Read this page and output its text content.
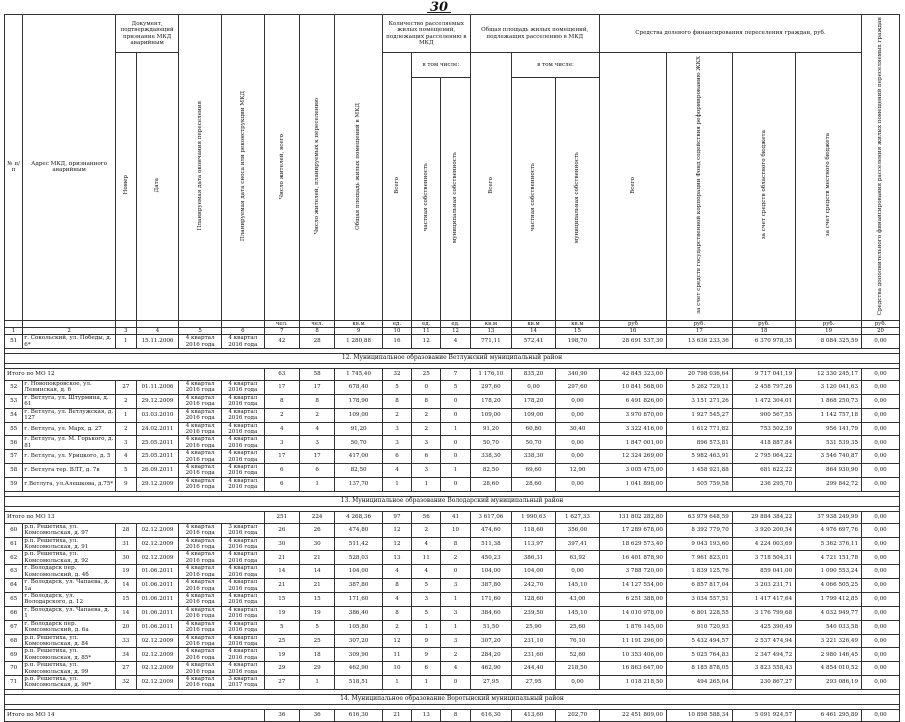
30
№ п/п	Адрес МКД, признанного аварийным	Документ, подтверждающий признание МКД аварийным		Планируемая дата окончания переселения	Планируемая дата сноса или реконструкции МКД	Число жителей, всего	Число жителей, планируемых к переселению	Общая площадь жилых помещений в МКД	Количество расселяемых жилых помещений, подлежащих расселению в МКД			Общая площадь жилых помещений, подлежащих расселению в МКД			Средства долевого финансирования переселения граждан, руб.				Средства дополнительного финансирования расселения жилых помещений переселяемых граждан
		Номер	Дата						Всего	в том числе:		Всего	в том числе:		Всего	за счет средств государственной корпорации Фонд содействия реформированию ЖКХ	за счет средств областного бюджета	за счет средств местного бюджета	
										частная собственность	муниципальная собственность		частная собственность	муниципальная собственность					
						чел.	чел.	кв.м	ед.	ед.	ед.	кв.м	кв.м	кв.м	руб	руб.	руб.	руб.	руб.
1	2	3	4	5	6	7	8	9	10	11	12	13	14	15	16	17	18	19	20
51	г. Сокольский, ул. Победы, д. 6*	1	15.11.2006	4 квартал 2016 года	4 квартал 2016 года	42	28	1 280,88	16	12	4	771,11	572,41	198,70	28 691 537,30	13 636 233,36	6 370 978,35	8 084 325,59	0,00

12. Муниципальное образование Ветлужский муниципальный район																			

Итого по МО 12						63	58	1 745,40	32	25	7	1 176,10	835,20	340,90	42 845 323,00	20 798 036,64	9 717 041,19	12 330 245,17	0,00
52	г. Новопокровское, ул. Ленинская, д. 6	27	01.11.2006	4 квартал 2016 года	4 квартал 2016 года	17	17	678,40	5	0	5	297,60	0,00	297,60	10 841 568,00	5 262 729,11	2 458 797,26	3 120 041,63	0,00
53	г. Ветлуга, ул. Штурмина, д. 61	2	29.12.2009	4 квартал 2016 года	4 квартал 2016 года	8	8	178,90	8	8	0	178,20	178,20	0,00	6 491 826,00	3 151 271,26	1 472 304,01	1 868 250,73	0,00
54	г. Ветлуга, ул. Ветлужская, д. 127	1	03.03.2010	4 квартал 2016 года	4 квартал 2016 года	2	2	109,00	2	2	0	109,00	109,00	0,00	3 970 870,00	1 927 545,27	900 567,55	1 142 757,18	0,00
55	г. Ветлуга, ул. Марх, д. 27	2	24.02.2011	4 квартал 2016 года	4 квартал 2016 года	4	4	91,20	3	2	1	91,20	60,80	30,40	3 322 416,00	1 612 771,82	753 502,39	956 141,79	0,00
56	г. Ветлуга, ул. М. Горького, д. 81	3	25.05.2011	4 квартал 2016 года	4 квартал 2016 года	3	3	50,70	3	3	0	50,70	50,70	0,00	1 847 001,00	896 573,81	418 887,84	531 539,35	0,00
57	г. Ветлуга, ул. Урицкого, д. 5	4	25.05.2011	4 квартал 2016 года	4 квартал 2016 года	17	17	417,00	6	6	0	338,30	338,30	0,00	12 324 269,00	5 982 463,91	2 795 064,22	3 546 740,87	0,00
58	г. Ветлуга тер. ВЛТ, д. 7в	5	26.09.2011	4 квартал 2016 года	4 квартал 2016 года	6	6	82,50	4	3	1	82,50	69,60	12,90	3 005 475,00	1 458 921,88	681 622,22	864 930,90	0,00
59	г.Ветлуга, ул.Алешкова, д.75*	9	29.12.2009	4 квартал 2016 года	4 квартал 2016 года	6	1	137,70	1	1	0	28,60	28,60	0,00	1 041 898,00	505 759,58	236 295,70	299 842,72	0,00

13. Муниципальное образование Володарский муниципальный район																			

Итого по МО 13						251	224	4 268,36	97	56	41	3 617,06	1 990,63	1 627,33	131 802 282,80	63 979 648,59	29 884 384,22	37 938 249,99	0,00
60	р.п. Решетиха, ул. Комсомольская, д. 97	28	02.12.2009	4 квартал 2016 года	3 квартал 2016 года	26	26	474,80	12	2	10	474,60	118,60	356,00	17 289 678,00	8 392 779,70	3 920 200,54	4 976 697,76	0,00
61	р.п. Решетиха, ул. Комсомольская, д. 91	31	02.12.2009	4 квартал 2016 года	4 квартал 2016 года	30	30	511,42	12	4	8	511,38	113,97	397,41	18 629 573,40	9 043 193,60	4 224 003,69	5 362 376,11	0,00
62	р.п. Решетиха, ул. Комсомольская, д. 92	30	02.12.2009	4 квартал 2016 года	4 квартал 2016 года	21	21	528,03	13	11	2	450,23	386,31	63,92	16 401 878,90	7 961 823,01	3 718 504,31	4 721 151,78	0,00
63	г. Володарск пер. Комсомольский, д. 4б	19	01.06.2011	4 квартал 2016 года	4 квартал 2016 года	14	14	104,00	4	4	0	104,00	104,00	0,00	3 788 720,00	1 839 125,76	859 041,00	1 090 553,24	0,00
64	г. Володарск, ул. Чапаева, д. 1а	14	01.06.2011	4 квартал 2016 года	4 квартал 2016 года	21	21	387,80	8	5	3	387,80	242,70	145,10	14 127 554,00	6 857 817,04	3 203 231,71	4 066 505,25	0,00
65	г. Володарск, ул. Володарского, д. 12	15	01.06.2011	4 квартал 2016 года	4 квартал 2016 года	15	15	171,60	4	3	1	171,60	128,60	43,00	6 251 388,00	3 034 557,51	1 417 417,64	1 799 412,85	0,00
66	г. Володарск, ул. Чапаева, д. 1	14	01.06.2011	4 квартал 2016 года	4 квартал 2016 года	19	19	386,40	8	5	3	384,60	239,50	145,10	14 010 978,00	6 801 228,55	3 176 799,68	4 032 949,77	0,00
67	г. Володарск пер. Комсомольский, д. 6а	20	01.06.2011	4 квартал 2016 года	4 квартал 2016 года	5	5	105,80	2	1	1	51,50	25,90	25,60	1 876 145,00	910 720,93	425 390,49	540 033,58	0,00
68	р.п. Решетиха, ул. Комсомольская, д. 84	33	02.12.2009	4 квартал 2016 года	4 квартал 2016 года	25	25	307,20	12	9	3	307,20	231,10	76,10	11 191 296,00	5 432 494,57	2 537 474,94	3 221 326,49	0,00
69	р.п. Решетиха, ул. Комсомольская, д. 85*	34	02.12.2009	4 квартал 2016 года	4 квартал 2016 года	19	18	309,90	11	9	2	284,20	231,60	52,60	10 353 406,00	5 025 764,83	2 347 494,72	2 980 146,45	0,00
70	р.п. Решетиха, ул. Комсомольская, д. 99	27	02.12.2009	4 квартал 2016 года	4 квартал 2016 года	29	29	462,90	10	6	4	462,90	244,40	218,50	16 863 647,00	8 185 878,05	3 823 558,43	4 854 010,52	0,00
71	р.п. Решетиха, ул. Комсомольская, д. 90*	32	02.12.2009	4 квартал 2016 года	3 квартал 2017 года	27	1	518,51	1	1	0	27,95	27,95	0,00	1 018 218,50	494 265,04	230 867,27	293 086,19	0,00

14. Муниципальное образование Воротынский муниципальный район																			

Итого по МО 14						36	36	616,30	21	13	8	616,30	413,60	202,70	22 451 809,00	10 898 588,34	5 091 924,57	6 461 295,89	0,00
